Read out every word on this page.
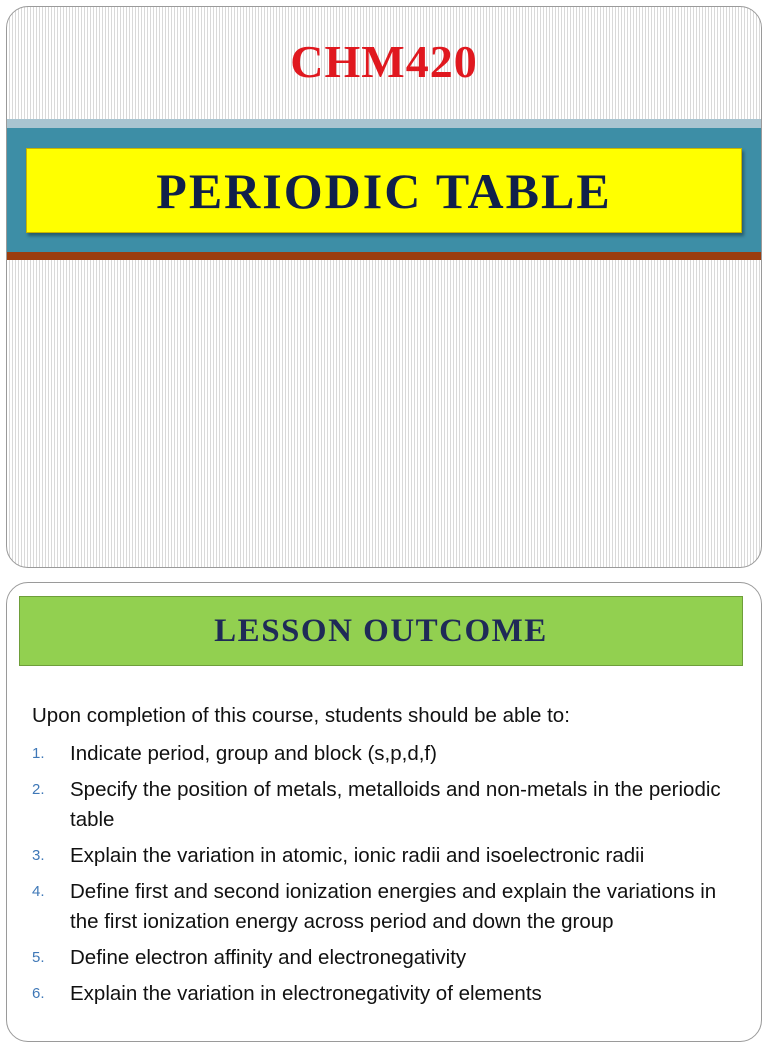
CHM420
PERIODIC TABLE
LESSON OUTCOME
Upon completion of this course, students should be able to:
1.	Indicate period, group and block (s,p,d,f)
2.	Specify the position of metals, metalloids and non-metals in the periodic table
3.	Explain the variation in atomic, ionic radii and isoelectronic radii
4.	Define first and second ionization energies and explain the variations in the first ionization energy across period and down the group
5.	Define electron affinity and electronegativity
6.	Explain the variation in electronegativity of elements
